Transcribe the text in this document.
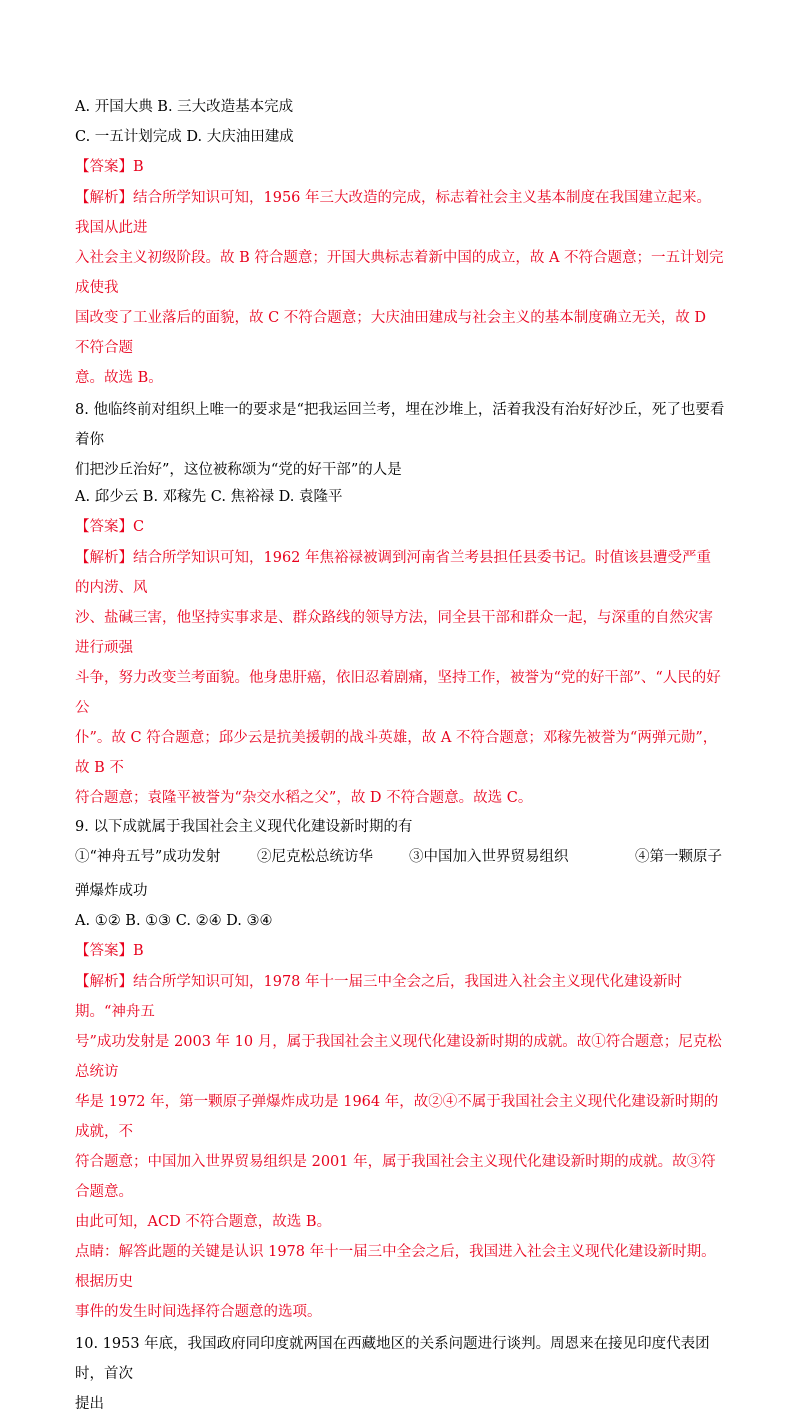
A. 开国大典 B. 三大改造基本完成
C. 一五计划完成 D. 大庆油田建成
【答案】B
【解析】结合所学知识可知，1956 年三大改造的完成，标志着社会主义基本制度在我国建立起来。我国从此进
入社会主义初级阶段。故 B 符合题意；开国大典标志着新中国的成立，故 A 不符合题意；一五计划完成使我
国改变了工业落后的面貌，故 C 不符合题意；大庆油田建成与社会主义的基本制度确立无关，故 D 不符合题
意。故选 B。
8. 他临终前对组织上唯一的要求是“把我运回兰考，埋在沙堆上，活着我没有治好好沙丘，死了也要看着你
们把沙丘治好”，这位被称颂为“党的好干部”的人是
A. 邱少云 B. 邓稼先 C. 焦裕禄 D. 袁隆平
【答案】C
【解析】结合所学知识可知，1962 年焦裕禄被调到河南省兰考县担任县委书记。时值该县遭受严重的内涝、风
沙、盐碱三害，他坚持实事求是、群众路线的领导方法，同全县干部和群众一起，与深重的自然灾害进行顽强
斗争，努力改变兰考面貌。他身患肝癌，依旧忍着剧痛，坚持工作，被誉为“党的好干部”、“人民的好公
仆”。故 C 符合题意；邱少云是抗美援朝的战斗英雄，故 A 不符合题意；邓稼先被誉为“两弹元勋”，故 B 不
符合题意；袁隆平被誉为“杂交水稻之父”，故 D 不符合题意。故选 C。
9. 以下成就属于我国社会主义现代化建设新时期的有
①“神舟五号”成功发射	②尼克松总统访华	③中国加入世界贸易组织	④第一颗原子
弹爆炸成功
A. ①② B. ①③ C. ②④ D. ③④
【答案】B
【解析】结合所学知识可知，1978 年十一届三中全会之后，我国进入社会主义现代化建设新时期。“神舟五
号”成功发射是 2003 年 10 月，属于我国社会主义现代化建设新时期的成就。故①符合题意；尼克松总统访
华是 1972 年，第一颗原子弹爆炸成功是 1964 年，故②④不属于我国社会主义现代化建设新时期的成就，不
符合题意；中国加入世界贸易组织是 2001 年，属于我国社会主义现代化建设新时期的成就。故③符合题意。
由此可知，ACD 不符合题意，故选 B。
点睛：解答此题的关键是认识 1978 年十一届三中全会之后，我国进入社会主义现代化建设新时期。根据历史
事件的发生时间选择符合题意的选项。
10. 1953 年底，我国政府同印度就两国在西藏地区的关系问题进行谈判。周恩来在接见印度代表团时，首次
提出
